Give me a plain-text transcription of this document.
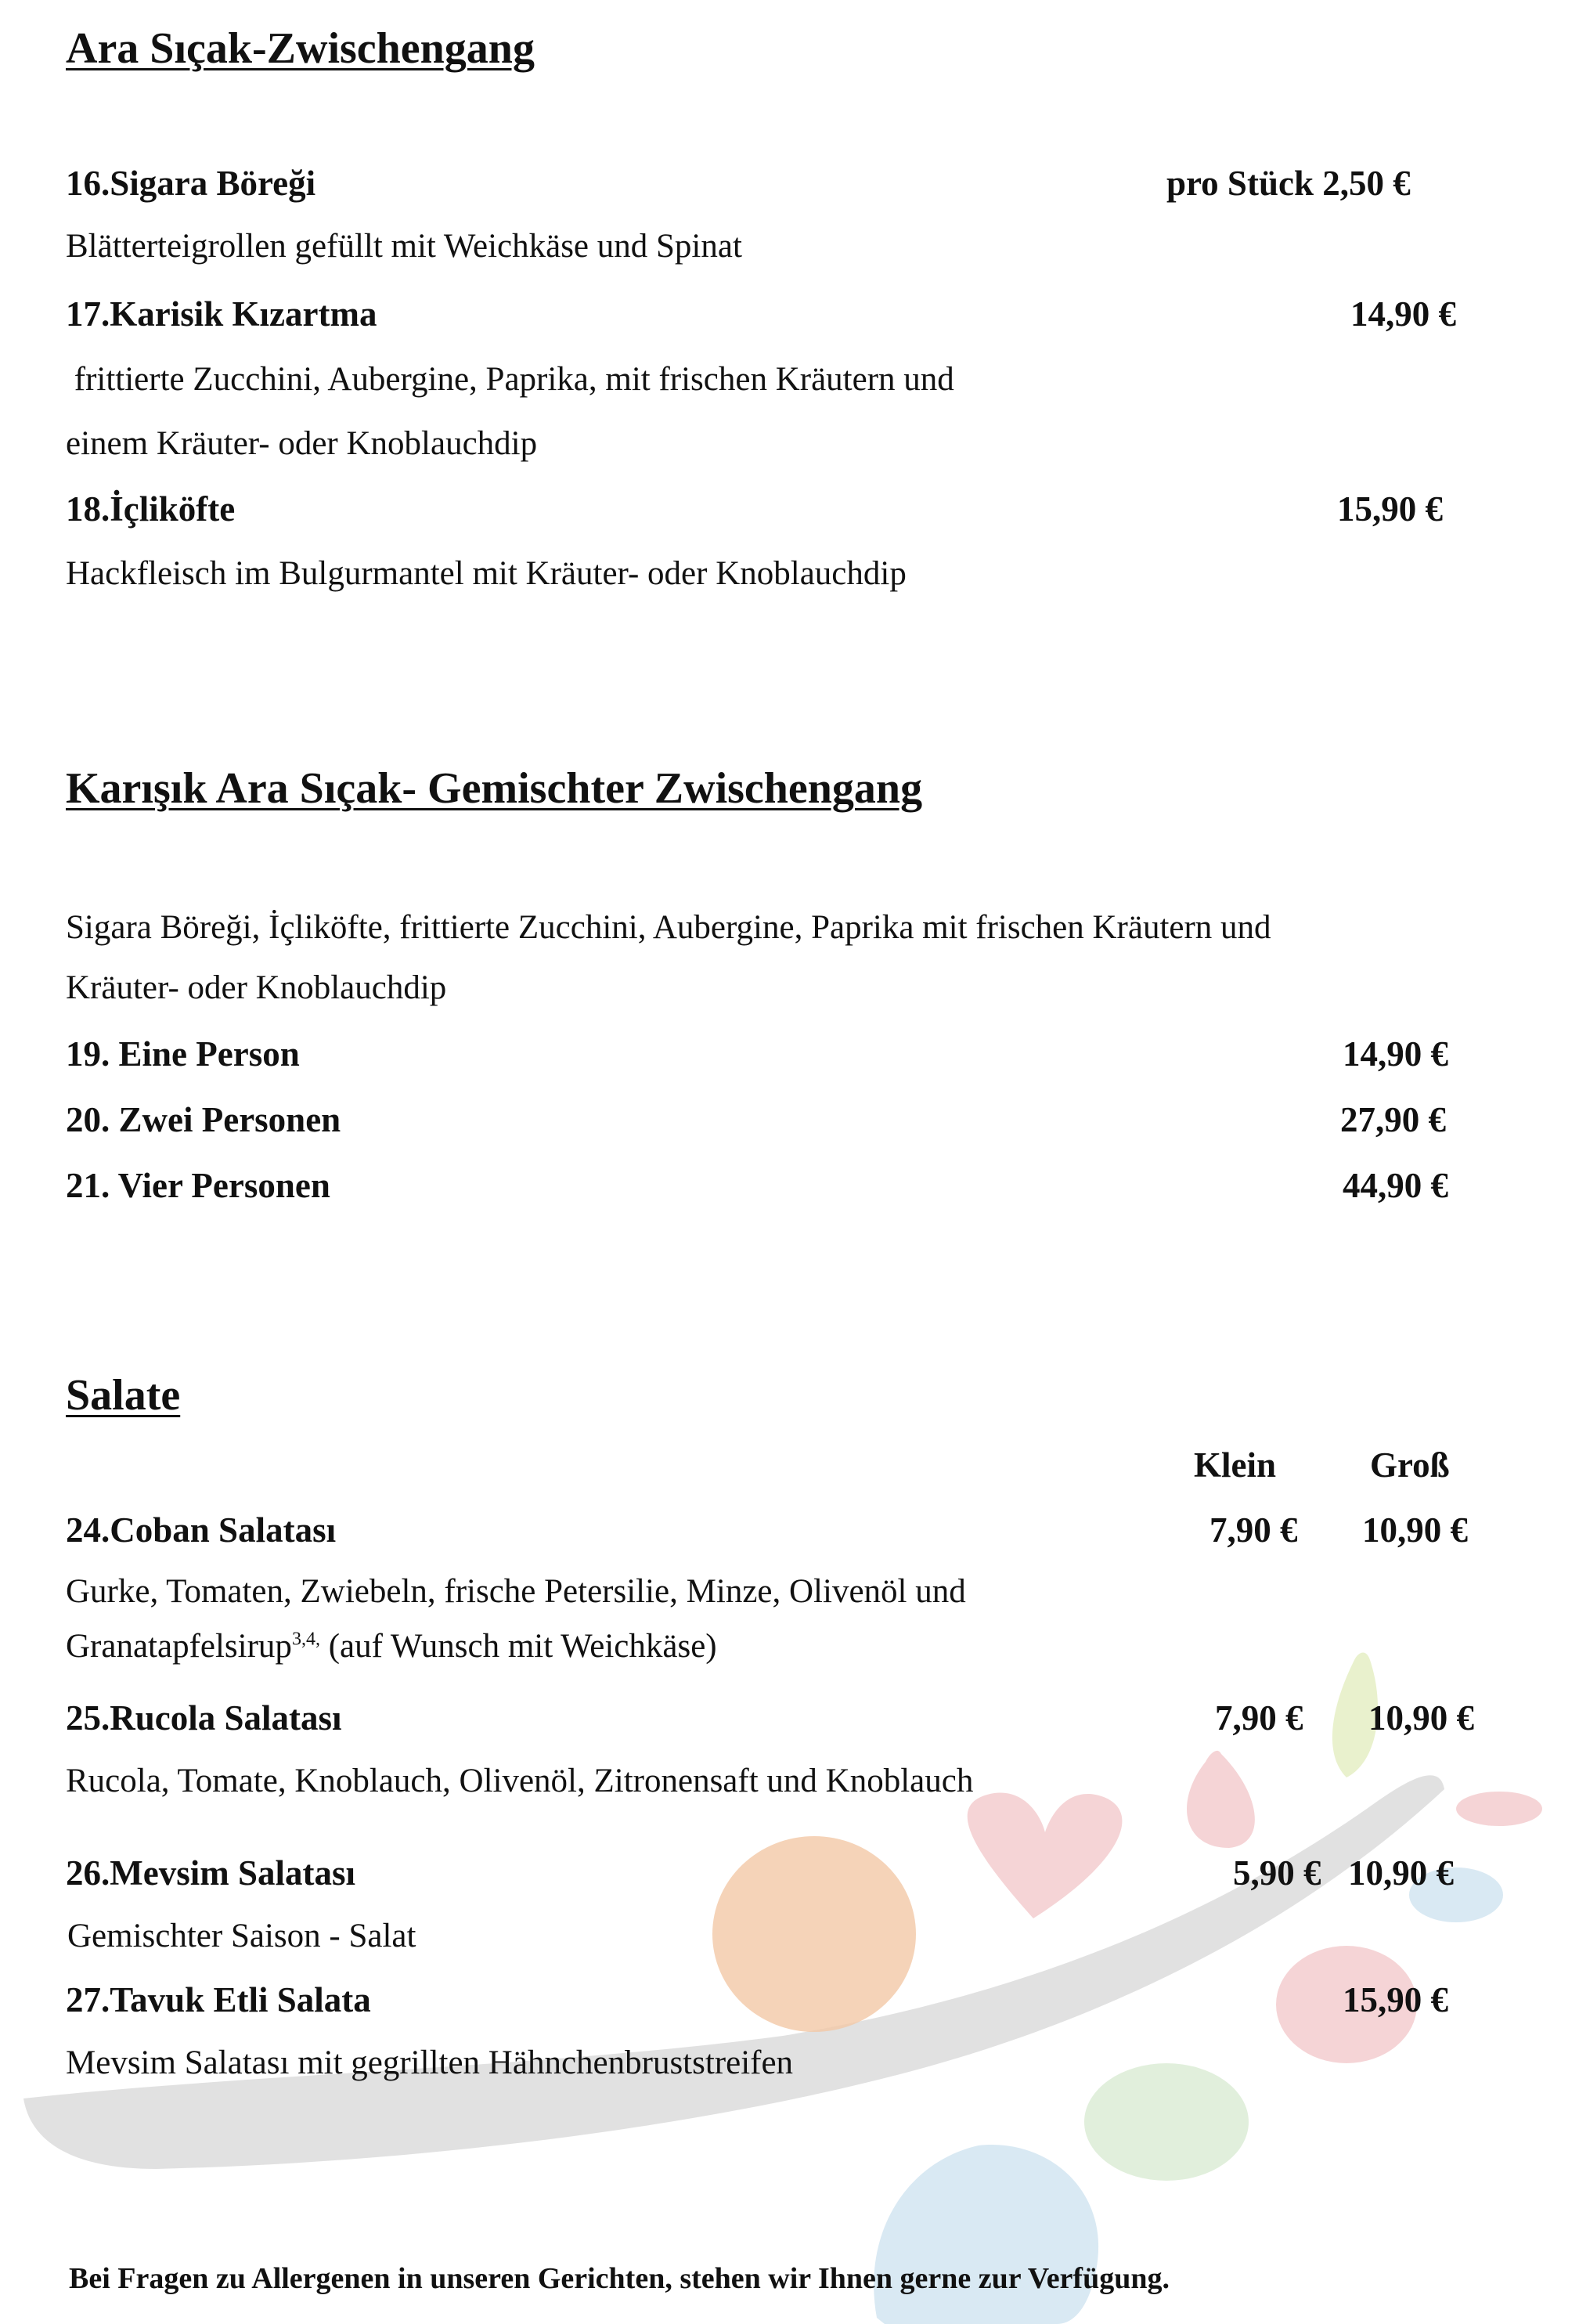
Ara Sıçak-Zwischengang
16.Sigara Böreği	pro Stück 2,50 €
Blätterteigrollen gefüllt mit Weichkäse und Spinat
17.Karisik Kızartma	14,90 €
frittierte Zucchini, Aubergine, Paprika, mit frischen Kräutern und
einem Kräuter- oder Knoblauchdip
18.İçliköfte	15,90 €
Hackfleisch im Bulgurmantel mit Kräuter- oder Knoblauchdip
Karışık Ara Sıçak- Gemischter Zwischengang
Sigara Böreği, İçliköfte, frittierte Zucchini, Aubergine, Paprika mit frischen Kräutern und
Kräuter- oder Knoblauchdip
19. Eine Person	14,90 €
20. Zwei Personen	27,90 €
21. Vier Personen	44,90 €
Salate
Klein	Groß
24.Coban Salatası	7,90 € 10,90 €
Gurke, Tomaten, Zwiebeln, frische Petersilie, Minze, Olivenöl und
Granatapfelsirup$^{3,4,}$ (auf Wunsch mit Weichkäse)
25.Rucola Salatası	7,90 € 10,90 €
Rucola, Tomate, Knoblauch, Olivenöl, Zitronensaft und Knoblauch
26.Mevsim Salatası	5,90 € 10,90 €
Gemischter Saison - Salat
27.Tavuk Etli Salata	15,90 €
Mevsim Salatası mit gegrillten Hähnchenbruststreifen
Bei Fragen zu Allergenen in unseren Gerichten, stehen wir Ihnen gerne zur Verfügung.
